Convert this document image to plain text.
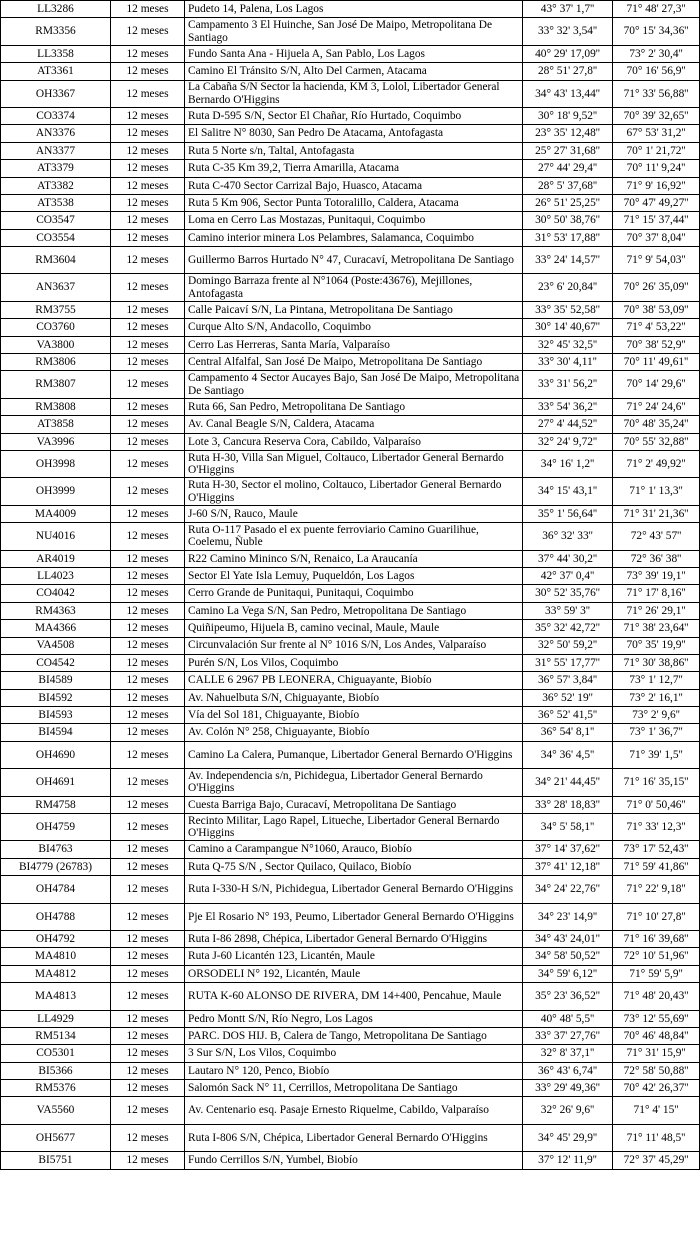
LL3286	12 meses	Pudeto 14, Palena, Los Lagos	43° 37' 1,7''	71° 48' 27,3''
RM3356	12 meses	Campamento 3 El Huinche, San José De Maipo, Metropolitana De Santiago	33° 32' 3,54''	70° 15' 34,36''
LL3358	12 meses	Fundo Santa Ana - Hijuela A, San Pablo, Los Lagos	40° 29' 17,09''	73° 2' 30,4''
AT3361	12 meses	Camino El Tránsito S/N, Alto Del Carmen, Atacama	28° 51' 27,8''	70° 16' 56,9''
OH3367	12 meses	La Cabaña S/N Sector la hacienda, KM 3, Lolol, Libertador General Bernardo O'Higgins	34° 43' 13,44''	71° 33' 56,88''
CO3374	12 meses	Ruta D-595 S/N, Sector El Chañar, Río Hurtado, Coquimbo	30° 18' 9,52''	70° 39' 32,65''
AN3376	12 meses	El Salitre N° 8030, San Pedro De Atacama, Antofagasta	23° 35' 12,48''	67° 53' 31,2''
AN3377	12 meses	Ruta 5 Norte s/n, Taltal, Antofagasta	25° 27' 31,68''	70° 1' 21,72''
AT3379	12 meses	Ruta C-35 Km 39,2, Tierra Amarilla, Atacama	27° 44' 29,4''	70° 11' 9,24''
AT3382	12 meses	Ruta C-470 Sector Carrizal Bajo, Huasco, Atacama	28° 5' 37,68''	71° 9' 16,92''
AT3538	12 meses	Ruta 5 Km 906, Sector Punta Totoralillo, Caldera, Atacama	26° 51' 25,25''	70° 47' 49,27''
CO3547	12 meses	Loma en Cerro Las Mostazas, Punitaqui, Coquimbo	30° 50' 38,76''	71° 15' 37,44''
CO3554	12 meses	Camino interior minera Los Pelambres, Salamanca, Coquimbo	31° 53' 17,88''	70° 37' 8,04''
RM3604	12 meses	Guillermo Barros Hurtado N° 47, Curacaví, Metropolitana De Santiago	33° 24' 14,57''	71° 9' 54,03''
AN3637	12 meses	Domingo Barraza frente al N°1064 (Poste:43676), Mejillones, Antofagasta	23° 6' 20,84''	70° 26' 35,09''
RM3755	12 meses	Calle Paicaví S/N, La Pintana, Metropolitana De Santiago	33° 35' 52,58''	70° 38' 53,09''
CO3760	12 meses	Curque Alto S/N, Andacollo, Coquimbo	30° 14' 40,67''	71° 4' 53,22''
VA3800	12 meses	Cerro Las Herreras, Santa María, Valparaíso	32° 45' 32,5''	70° 38' 52,9''
RM3806	12 meses	Central Alfalfal, San José De Maipo, Metropolitana De Santiago	33° 30' 4,11''	70° 11' 49,61''
RM3807	12 meses	Campamento 4 Sector Aucayes Bajo, San José De Maipo, Metropolitana De Santiago	33° 31' 56,2''	70° 14' 29,6''
RM3808	12 meses	Ruta 66, San Pedro, Metropolitana De Santiago	33° 54' 36,2''	71° 24' 24,6''
AT3858	12 meses	Av. Canal Beagle S/N, Caldera, Atacama	27° 4' 44,52''	70° 48' 35,24''
VA3996	12 meses	Lote 3, Cancura Reserva Cora, Cabildo, Valparaíso	32° 24' 9,72''	70° 55' 32,88''
OH3998	12 meses	Ruta H-30, Villa San Miguel, Coltauco, Libertador General Bernardo O'Higgins	34° 16' 1,2''	71° 2' 49,92''
OH3999	12 meses	Ruta H-30, Sector el molino, Coltauco, Libertador General Bernardo O'Higgins	34° 15' 43,1''	71° 1' 13,3''
MA4009	12 meses	J-60 S/N, Rauco, Maule	35° 1' 56,64''	71° 31' 21,36''
NU4016	12 meses	Ruta O-117 Pasado el ex puente ferroviario Camino Guarilihue, Coelemu, Ñuble	36° 32' 33''	72° 43' 57''
AR4019	12 meses	R22 Camino Mininco S/N, Renaico, La Araucanía	37° 44' 30,2''	72° 36' 38''
LL4023	12 meses	Sector El Yate Isla Lemuy, Puqueldón, Los Lagos	42° 37' 0,4''	73° 39' 19,1''
CO4042	12 meses	Cerro Grande de Punitaqui, Punitaqui, Coquimbo	30° 52' 35,76''	71° 17' 8,16''
RM4363	12 meses	Camino La Vega S/N, San Pedro, Metropolitana De Santiago	33° 59' 3''	71° 26' 29,1''
MA4366	12 meses	Quiñipeumo, Hijuela B, camino vecinal, Maule, Maule	35° 32' 42,72''	71° 38' 23,64''
VA4508	12 meses	Circunvalación Sur frente al N° 1016 S/N, Los Andes, Valparaíso	32° 50' 59,2''	70° 35' 19,9''
CO4542	12 meses	Purén S/N, Los Vilos, Coquimbo	31° 55' 17,77''	71° 30' 38,86''
BI4589	12 meses	CALLE 6 2967 PB LEONERA, Chiguayante, Biobío	36° 57' 3,84''	73° 1' 12,7''
BI4592	12 meses	Av. Nahuelbuta S/N, Chiguayante, Biobío	36° 52' 19''	73° 2' 16,1''
BI4593	12 meses	Vía del Sol 181, Chiguayante, Biobío	36° 52' 41,5''	73° 2' 9,6''
BI4594	12 meses	Av. Colón N° 258, Chiguayante, Biobío	36° 54' 8,1''	73° 1' 36,7''
OH4690	12 meses	Camino La Calera, Pumanque, Libertador General Bernardo O'Higgins	34° 36' 4,5''	71° 39' 1,5''
OH4691	12 meses	Av. Independencia s/n, Pichidegua, Libertador General Bernardo O'Higgins	34° 21' 44,45''	71° 16' 35,15''
RM4758	12 meses	Cuesta Barriga Bajo, Curacaví, Metropolitana De Santiago	33° 28' 18,83''	71° 0' 50,46''
OH4759	12 meses	Recinto Militar, Lago Rapel, Litueche, Libertador General Bernardo O'Higgins	34° 5' 58,1''	71° 33' 12,3''
BI4763	12 meses	Camino a Carampangue N°1060, Arauco, Biobío	37° 14' 37,62''	73° 17' 52,43''
BI4779 (26783)	12 meses	Ruta Q-75 S/N , Sector Quilaco, Quilaco, Biobío	37° 41' 12,18''	71° 59' 41,86''
OH4784	12 meses	Ruta I-330-H S/N, Pichidegua, Libertador General Bernardo O'Higgins	34° 24' 22,76''	71° 22' 9,18''
OH4788	12 meses	Pje El Rosario N° 193, Peumo, Libertador General Bernardo O'Higgins	34° 23' 14,9''	71° 10' 27,8''
OH4792	12 meses	Ruta I-86 2898, Chépica, Libertador General Bernardo O'Higgins	34° 43' 24,01''	71° 16' 39,68''
MA4810	12 meses	Ruta J-60 Licantén 123, Licantén, Maule	34° 58' 50,52''	72° 10' 51,96''
MA4812	12 meses	ORSODELI N° 192, Licantén, Maule	34° 59' 6,12''	71° 59' 5,9''
MA4813	12 meses	RUTA K-60 ALONSO DE RIVERA, DM 14+400, Pencahue, Maule	35° 23' 36,52''	71° 48' 20,43''
LL4929	12 meses	Pedro Montt S/N, Río Negro, Los Lagos	40° 48' 5,5''	73° 12' 55,69''
RM5134	12 meses	PARC. DOS HIJ. B, Calera de Tango, Metropolitana De Santiago	33° 37' 27,76''	70° 46' 48,84''
CO5301	12 meses	3 Sur S/N, Los Vilos, Coquimbo	32° 8' 37,1''	71° 31' 15,9''
BI5366	12 meses	Lautaro N° 120, Penco, Biobío	36° 43' 6,74''	72° 58' 50,88''
RM5376	12 meses	Salomón Sack N° 11, Cerrillos, Metropolitana De Santiago	33° 29' 49,36''	70° 42' 26,37''
VA5560	12 meses	Av. Centenario esq. Pasaje Ernesto Riquelme, Cabildo, Valparaíso	32° 26' 9,6''	71° 4' 15''
OH5677	12 meses	Ruta I-806 S/N, Chépica, Libertador General Bernardo O'Higgins	34° 45' 29,9''	71° 11' 48,5''
BI5751	12 meses	Fundo Cerrillos S/N, Yumbel, Biobío	37° 12' 11,9''	72° 37' 45,29''
